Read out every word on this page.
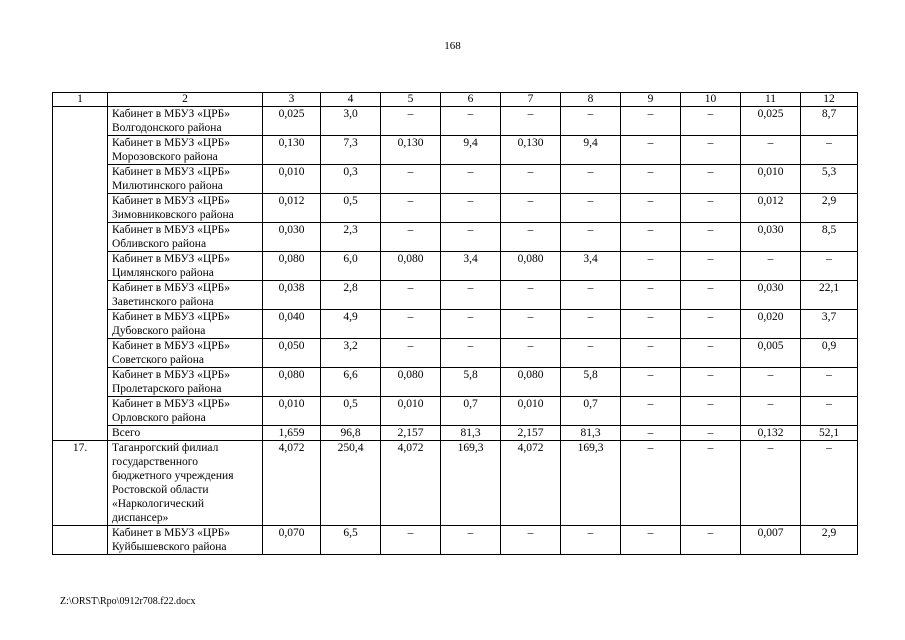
168
1	2	3	4	5	6	7	8	9	10	11	12
	Кабинет в МБУЗ «ЦРБ» Волгодонского района	0,025	3,0	–	–	–	–	–	–	0,025	8,7
	Кабинет в МБУЗ «ЦРБ» Морозовского района	0,130	7,3	0,130	9,4	0,130	9,4	–	–	–	–
	Кабинет в МБУЗ «ЦРБ» Милютинского района	0,010	0,3	–	–	–	–	–	–	0,010	5,3
	Кабинет в МБУЗ «ЦРБ» Зимовниковского района	0,012	0,5	–	–	–	–	–	–	0,012	2,9
	Кабинет в МБУЗ «ЦРБ» Обливского района	0,030	2,3	–	–	–	–	–	–	0,030	8,5
	Кабинет в МБУЗ «ЦРБ» Цимлянского района	0,080	6,0	0,080	3,4	0,080	3,4	–	–	–	–
	Кабинет в МБУЗ «ЦРБ» Заветинского района	0,038	2,8	–	–	–	–	–	–	0,030	22,1
	Кабинет в МБУЗ «ЦРБ» Дубовского района	0,040	4,9	–	–	–	–	–	–	0,020	3,7
	Кабинет в МБУЗ «ЦРБ» Советского района	0,050	3,2	–	–	–	–	–	–	0,005	0,9
	Кабинет в МБУЗ «ЦРБ» Пролетарского района	0,080	6,6	0,080	5,8	0,080	5,8	–	–	–	–
	Кабинет в МБУЗ «ЦРБ» Орловского района	0,010	0,5	0,010	0,7	0,010	0,7	–	–	–	–
	Всего	1,659	96,8	2,157	81,3	2,157	81,3	–	–	0,132	52,1
17.	Таганрогский филиал государственного бюджетного учреждения Ростовской области «Наркологический диспансер»	4,072	250,4	4,072	169,3	4,072	169,3	–	–	–	–
	Кабинет в МБУЗ «ЦРБ» Куйбышевского района	0,070	6,5	–	–	–	–	–	–	0,007	2,9
Z:\ORST\Rpo\0912r708.f22.docx
